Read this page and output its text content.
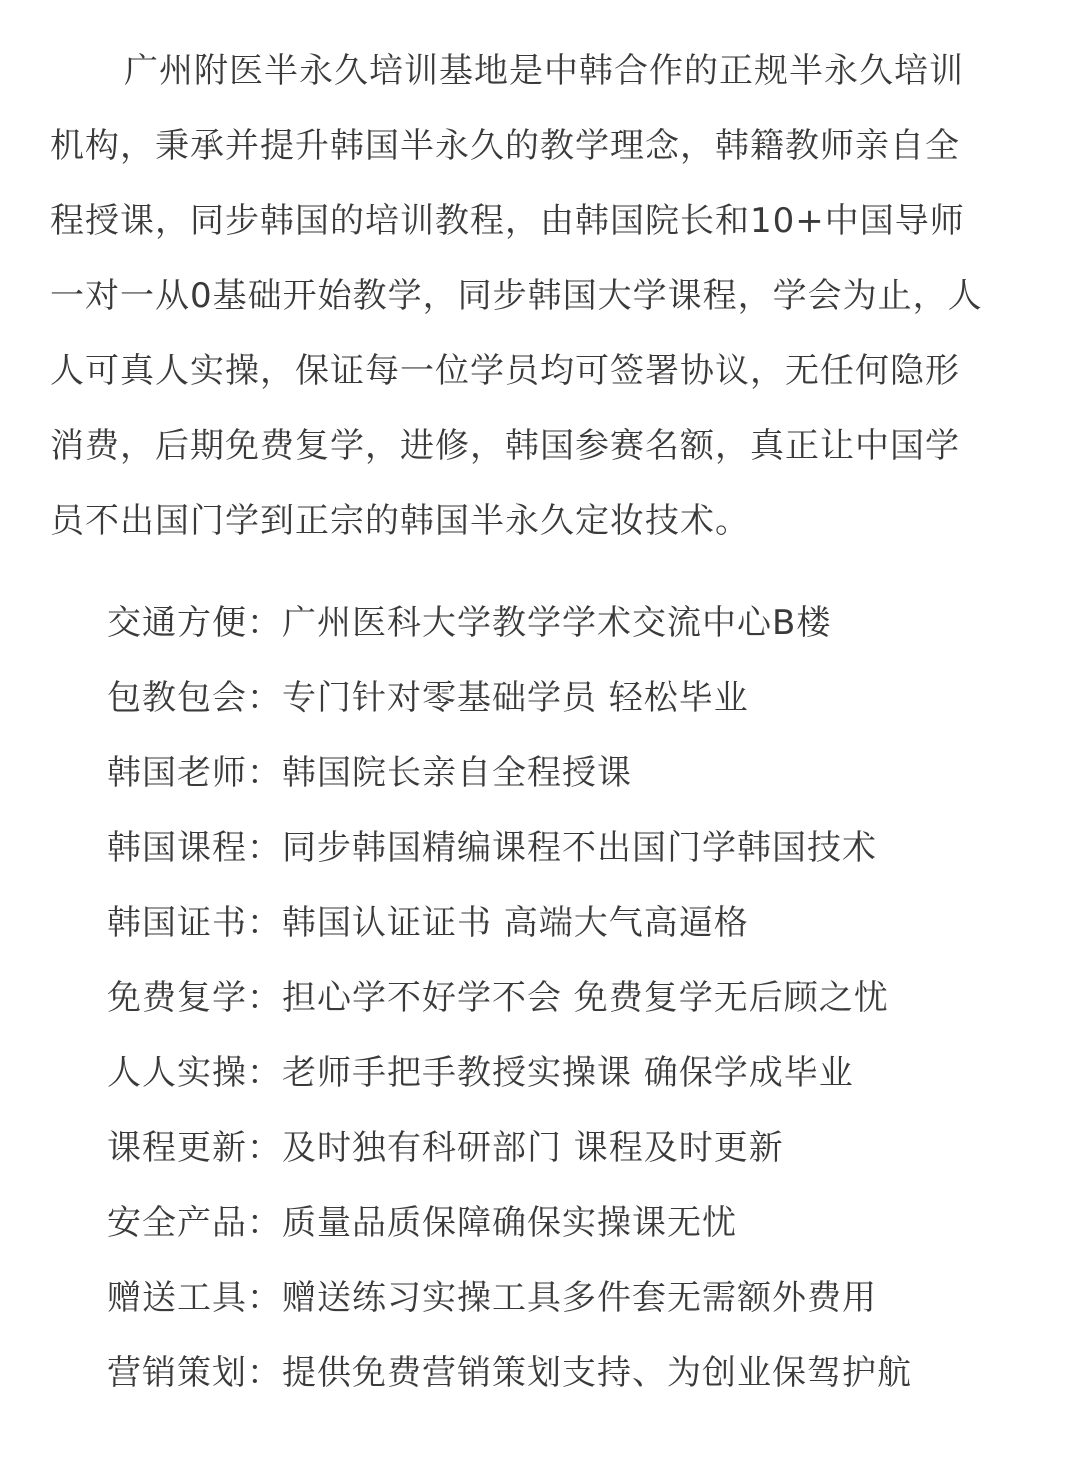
广州附医半永久培训基地是中韩合作的正规半永久培训机构，秉承并提升韩国半永久的教学理念，韩籍教师亲自全程授课，同步韩国的培训教程，由韩国院长和10+中国导师一对一从0基础开始教学，同步韩国大学课程，学会为止，人人可真人实操，保证每一位学员均可签署协议，无任何隐形消费，后期免费复学，进修，韩国参赛名额，真正让中国学员不出国门学到正宗的韩国半永久定妆技术。

交通方便：广州医科大学教学学术交流中心B楼
包教包会：专门针对零基础学员 轻松毕业
韩国老师：韩国院长亲自全程授课
韩国课程：同步韩国精编课程不出国门学韩国技术
韩国证书：韩国认证证书 高端大气高逼格
免费复学：担心学不好学不会 免费复学无后顾之忧
人人实操：老师手把手教授实操课 确保学成毕业
课程更新：及时独有科研部门 课程及时更新
安全产品：质量品质保障确保实操课无忧
赠送工具：赠送练习实操工具多件套无需额外费用
营销策划：提供免费营销策划支持、为创业保驾护航
